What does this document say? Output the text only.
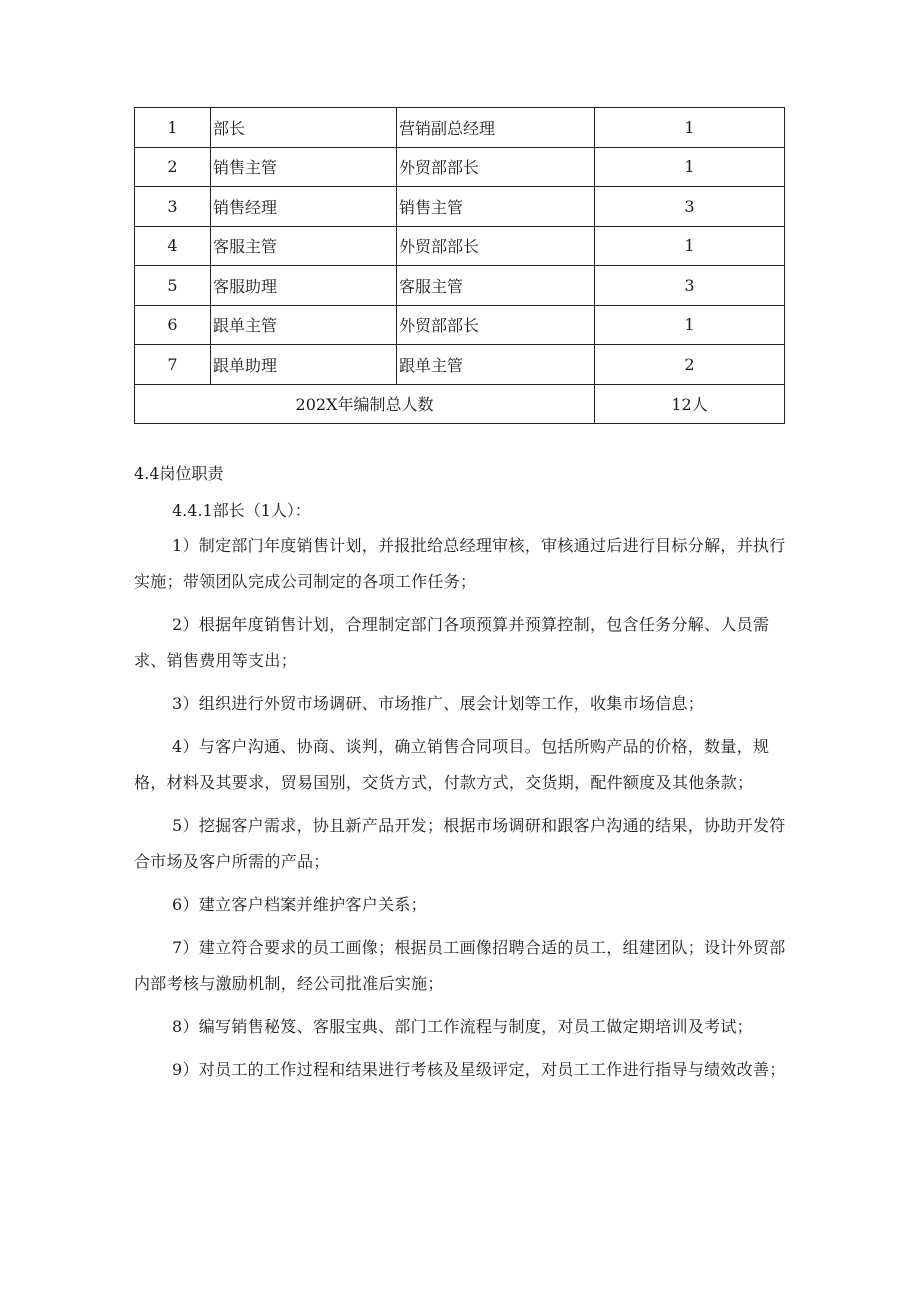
1	部长	营销副总经理	1
2	销售主管	外贸部部长	1
3	销售经理	销售主管	3
4	客服主管	外贸部部长	1
5	客服助理	客服主管	3
6	跟单主管	外贸部部长	1
7	跟单助理	跟单主管	2
202X年编制总人数			12人
4.4岗位职责
4.4.1部长（1人）：

1）制定部门年度销售计划，并报批给总经理审核，审核通过后进行目标分解，并执行实施；带领团队完成公司制定的各项工作任务；

2）根据年度销售计划，合理制定部门各项预算并预算控制，包含任务分解、人员需求、销售费用等支出；

3）组织进行外贸市场调研、市场推广、展会计划等工作，收集市场信息；

4）与客户沟通、协商、谈判，确立销售合同项目。包括所购产品的价格，数量，规格，材料及其要求，贸易国别，交货方式，付款方式，交货期，配件额度及其他条款；

5）挖掘客户需求，协且新产品开发；根据市场调研和跟客户沟通的结果，协助开发符合市场及客户所需的产品；

6）建立客户档案并维护客户关系；

7）建立符合要求的员工画像；根据员工画像招聘合适的员工，组建团队；设计外贸部内部考核与激励机制，经公司批准后实施；

8）编写销售秘笈、客服宝典、部门工作流程与制度，对员工做定期培训及考试；

9）对员工的工作过程和结果进行考核及星级评定，对员工工作进行指导与绩效改善；
